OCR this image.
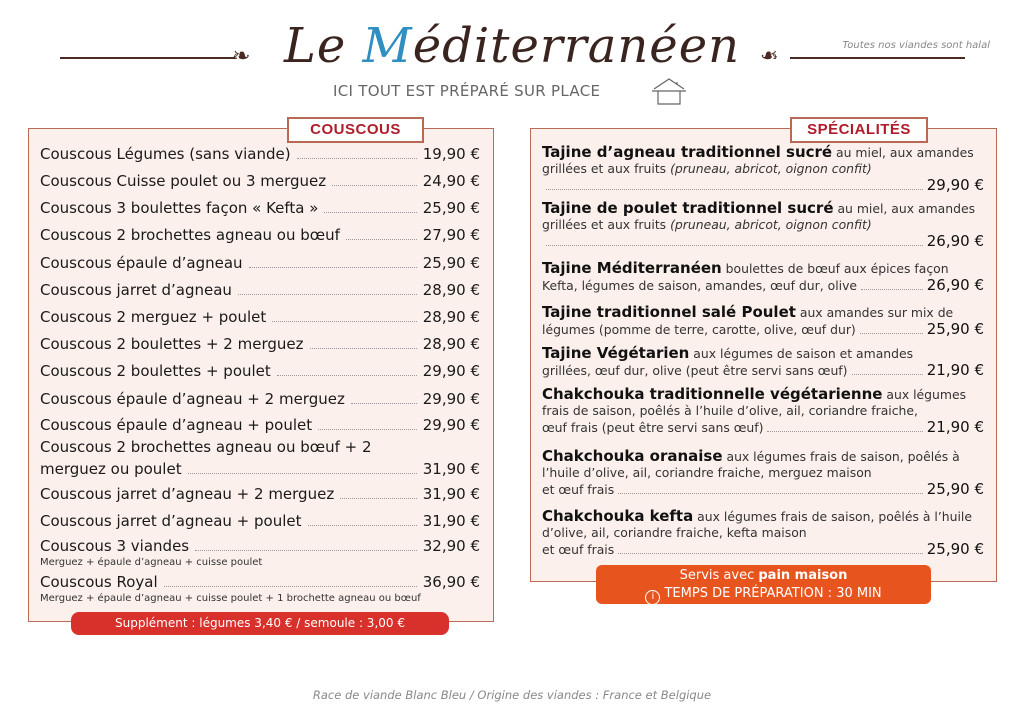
❧ Le Méditerranéen ❧	Toutes nos viandes sont halal
ICI TOUT EST PRÉPARÉ SUR PLACE
COUSCOUS
Couscous Légumes (sans viande)	19,90 €
Couscous Cuisse poulet ou 3 merguez	24,90 €
Couscous 3 boulettes façon « Kefta »	25,90 €
Couscous 2 brochettes agneau ou bœuf	27,90 €
Couscous épaule d’agneau	25,90 €
Couscous jarret d’agneau	28,90 €
Couscous 2 merguez + poulet	28,90 €
Couscous 2 boulettes + 2 merguez	28,90 €
Couscous 2 boulettes + poulet	29,90 €
Couscous épaule d’agneau + 2 merguez	29,90 €
Couscous épaule d’agneau + poulet	29,90 €
Couscous 2 brochettes agneau ou bœuf + 2
merguez ou poulet	31,90 €
Couscous jarret d’agneau + 2 merguez	31,90 €
Couscous jarret d’agneau + poulet	31,90 €
Couscous 3 viandes	32,90 €
Merguez + épaule d’agneau + cuisse poulet
Couscous Royal	36,90 €
Merguez + épaule d’agneau + cuisse poulet + 1 brochette agneau ou bœuf
Supplément : légumes 3,40 € / semoule : 3,00 €
SPÉCIALITÉS
Tajine d’agneau traditionnel sucré au miel, aux amandes grillées et aux fruits (pruneau, abricot, oignon confit)
29,90 €
Tajine de poulet traditionnel sucré au miel, aux amandes grillées et aux fruits (pruneau, abricot, oignon confit)
26,90 €
Tajine Méditerranéen boulettes de bœuf aux épices façon
Kefta, légumes de saison, amandes, œuf dur, olive	26,90 €
Tajine traditionnel salé Poulet aux amandes sur mix de
légumes (pomme de terre, carotte, olive, œuf dur)	25,90 €
Tajine Végétarien aux légumes de saison et amandes
grillées, œuf dur, olive (peut être servi sans œuf)	21,90 €
Chakchouka traditionnelle végétarienne aux légumes frais de saison, poêlés à l’huile d’olive, ail, coriandre fraiche,
œuf frais (peut être servi sans œuf)	21,90 €
Chakchouka oranaise aux légumes frais de saison, poêlés à l’huile d’olive, ail, coriandre fraiche, merguez maison
et œuf frais	25,90 €
Chakchouka kefta aux légumes frais de saison, poêlés à l’huile d’olive, ail, coriandre fraiche, kefta maison
et œuf frais	25,90 €
Servis avec pain maison
i TEMPS DE PRÉPARATION : 30 MIN
Race de viande Blanc Bleu / Origine des viandes : France et Belgique
